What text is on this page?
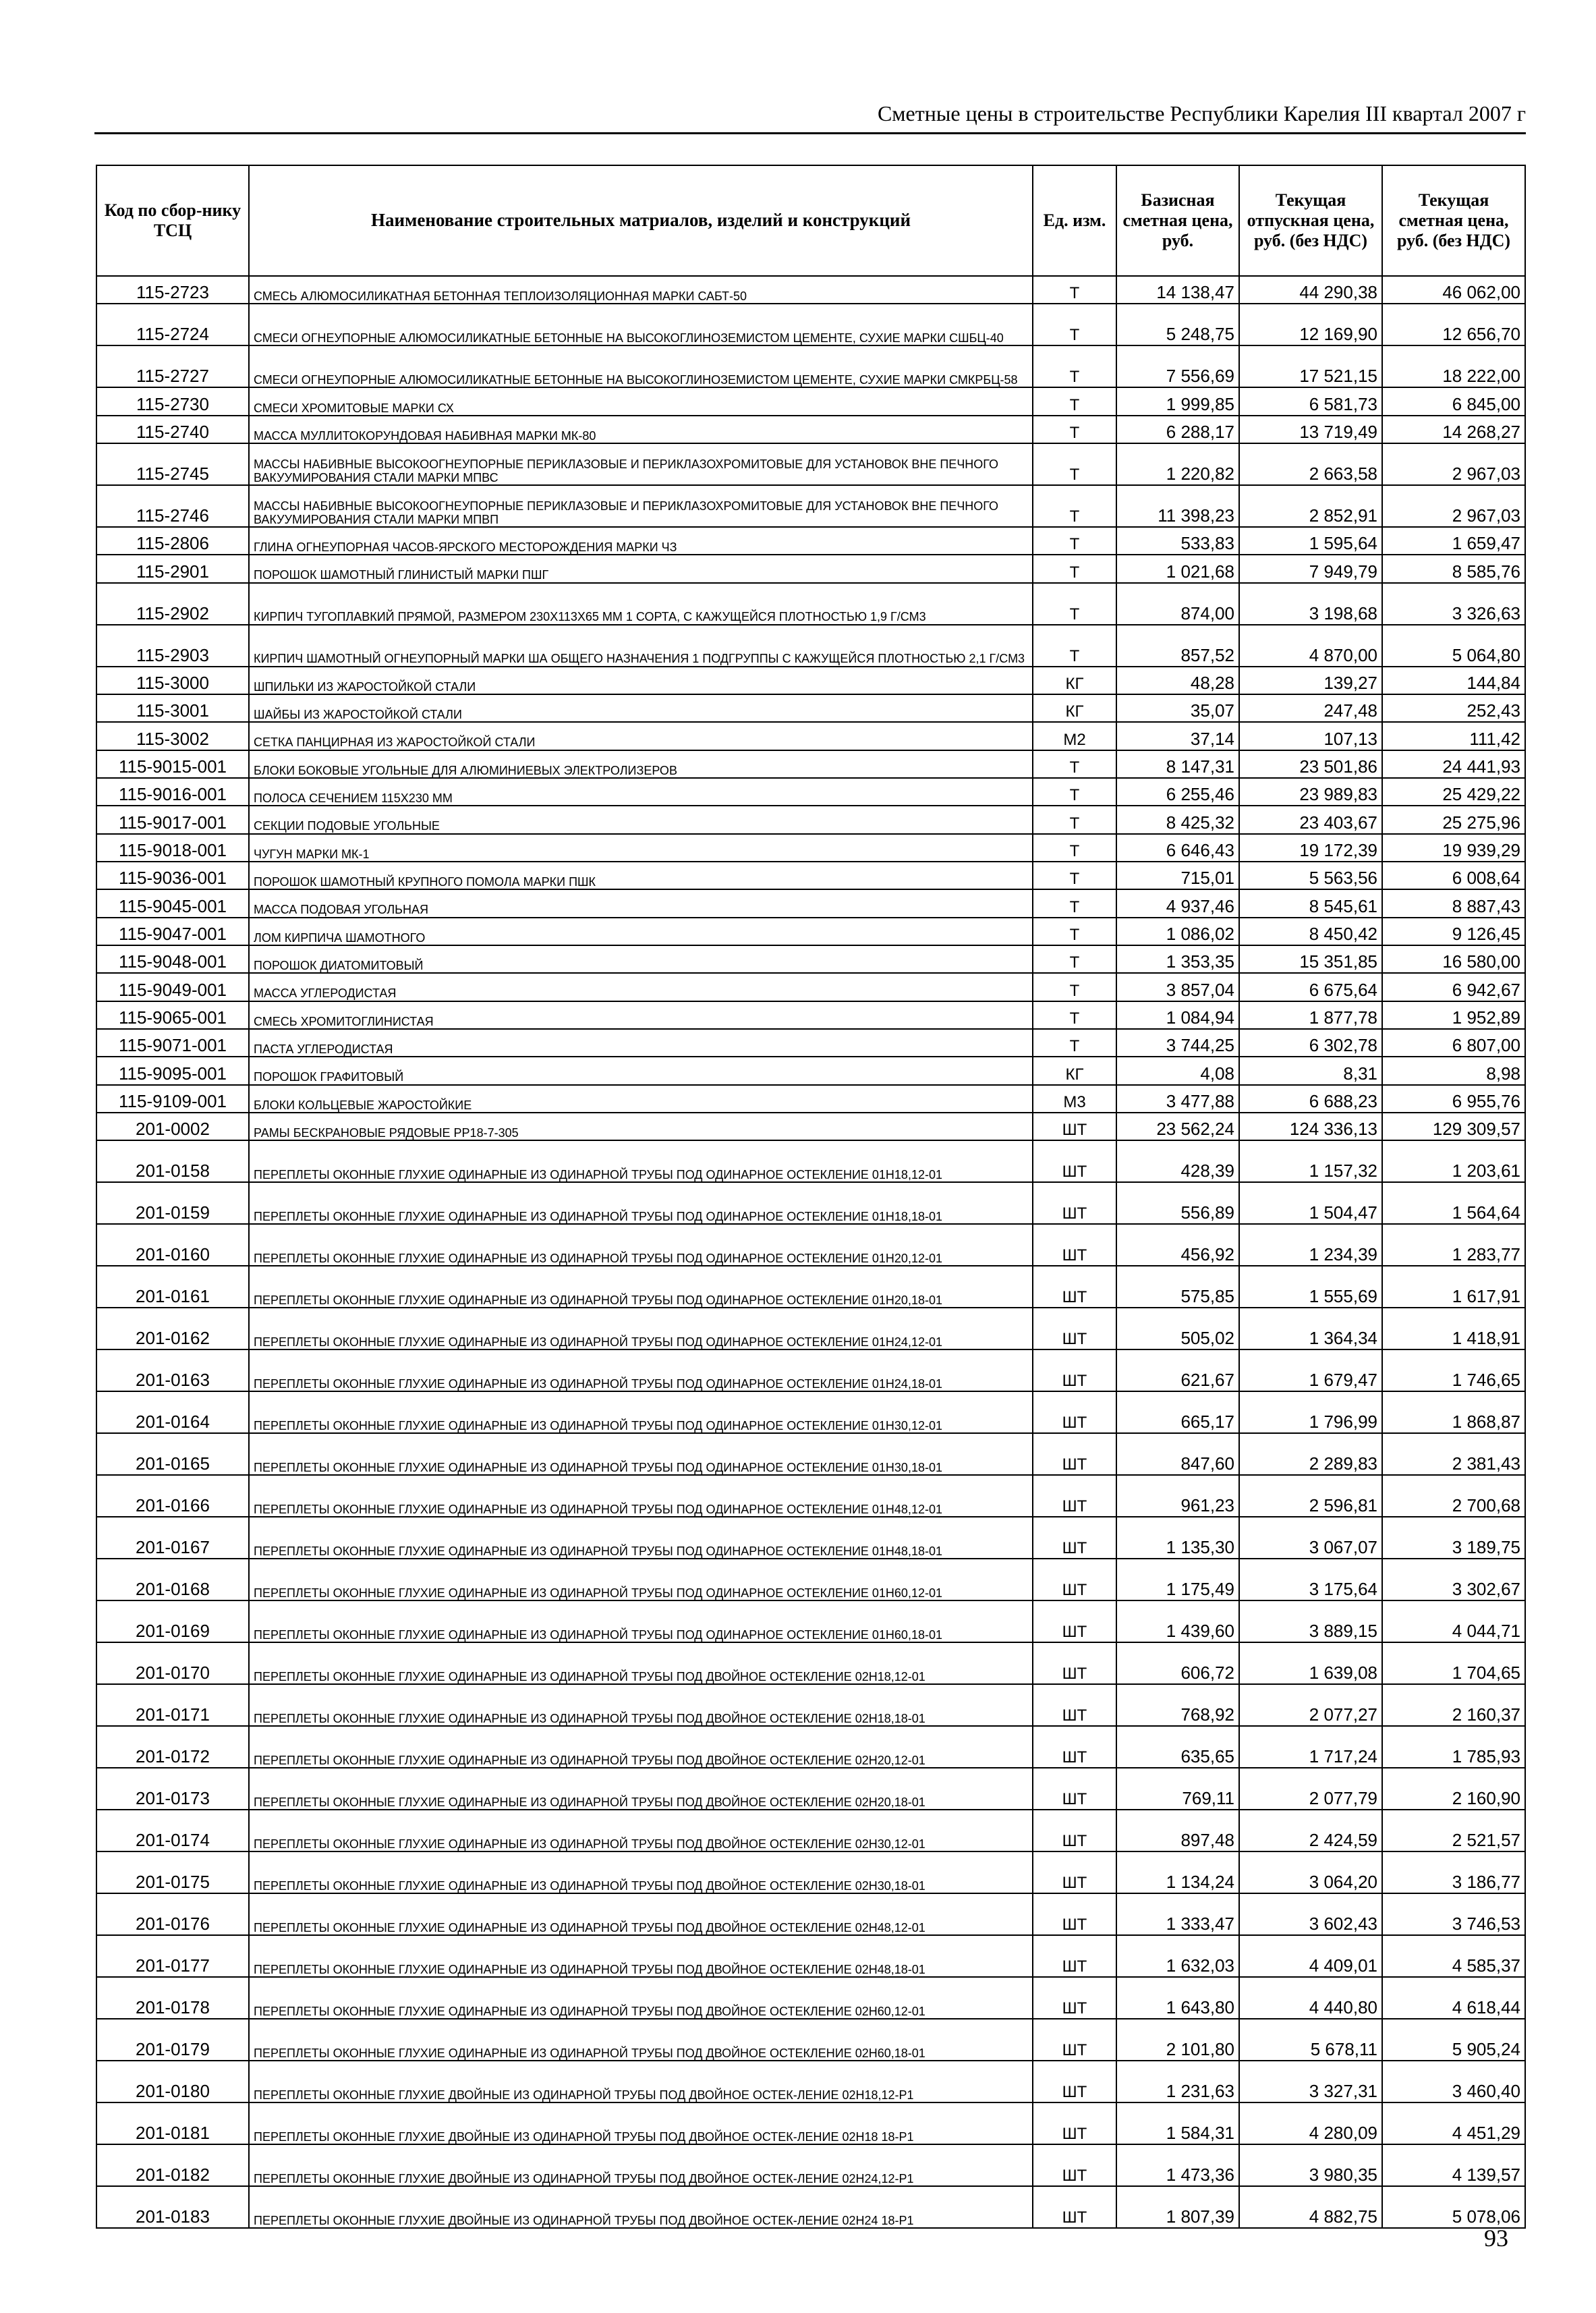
Сметные цены в строительстве Республики Карелия III квартал 2007 г
Код по сбор-нику ТСЦ	Наименование строительных матриалов, изделий и конструкций	Ед. изм.	Базисная сметная цена, руб.	Текущая отпускная цена, руб. (без НДС)	Текущая сметная цена, руб. (без НДС)
115-2723	СМЕСЬ АЛЮМОСИЛИКАТНАЯ БЕТОННАЯ ТЕПЛОИЗОЛЯЦИОННАЯ МАРКИ САБТ-50	Т	14 138,47	44 290,38	46 062,00
115-2724	СМЕСИ ОГНЕУПОРНЫЕ АЛЮМОСИЛИКАТНЫЕ БЕТОННЫЕ НА ВЫСОКОГЛИНОЗЕМИСТОМ ЦЕМЕНТЕ, СУХИЕ МАРКИ СШБЦ-40	Т	5 248,75	12 169,90	12 656,70
115-2727	СМЕСИ ОГНЕУПОРНЫЕ АЛЮМОСИЛИКАТНЫЕ БЕТОННЫЕ НА ВЫСОКОГЛИНОЗЕМИСТОМ ЦЕМЕНТЕ, СУХИЕ МАРКИ СМКРБЦ-58	Т	7 556,69	17 521,15	18 222,00
115-2730	СМЕСИ ХРОМИТОВЫЕ МАРКИ СХ	Т	1 999,85	6 581,73	6 845,00
115-2740	МАССА МУЛЛИТОКОРУНДОВАЯ НАБИВНАЯ МАРКИ МК-80	Т	6 288,17	13 719,49	14 268,27
115-2745	МАССЫ НАБИВНЫЕ ВЫСОКООГНЕУПОРНЫЕ ПЕРИКЛАЗОВЫЕ И ПЕРИКЛАЗОХРОМИТОВЫЕ ДЛЯ УСТАНОВОК ВНЕ ПЕЧНОГО ВАКУУМИРОВАНИЯ СТАЛИ МАРКИ МПВС	Т	1 220,82	2 663,58	2 967,03
115-2746	МАССЫ НАБИВНЫЕ ВЫСОКООГНЕУПОРНЫЕ ПЕРИКЛАЗОВЫЕ И ПЕРИКЛАЗОХРОМИТОВЫЕ ДЛЯ УСТАНОВОК ВНЕ ПЕЧНОГО ВАКУУМИРОВАНИЯ СТАЛИ МАРКИ МПВП	Т	11 398,23	2 852,91	2 967,03
115-2806	ГЛИНА ОГНЕУПОРНАЯ ЧАСОВ-ЯРСКОГО МЕСТОРОЖДЕНИЯ МАРКИ ЧЗ	Т	533,83	1 595,64	1 659,47
115-2901	ПОРОШОК ШАМОТНЫЙ ГЛИНИСТЫЙ МАРКИ ПШГ	Т	1 021,68	7 949,79	8 585,76
115-2902	КИРПИЧ ТУГОПЛАВКИЙ ПРЯМОЙ, РАЗМЕРОМ 230Х113Х65 ММ 1 СОРТА, С КАЖУЩЕЙСЯ ПЛОТНОСТЬЮ 1,9 Г/СМ3	Т	874,00	3 198,68	3 326,63
115-2903	КИРПИЧ ШАМОТНЫЙ ОГНЕУПОРНЫЙ МАРКИ ША ОБЩЕГО НАЗНАЧЕНИЯ 1 ПОДГРУППЫ С КАЖУЩЕЙСЯ ПЛОТНОСТЬЮ 2,1 Г/СМ3	Т	857,52	4 870,00	5 064,80
115-3000	ШПИЛЬКИ ИЗ ЖАРОСТОЙКОЙ СТАЛИ	КГ	48,28	139,27	144,84
115-3001	ШАЙБЫ ИЗ ЖАРОСТОЙКОЙ СТАЛИ	КГ	35,07	247,48	252,43
115-3002	СЕТКА ПАНЦИРНАЯ ИЗ ЖАРОСТОЙКОЙ СТАЛИ	М2	37,14	107,13	111,42
115-9015-001	БЛОКИ БОКОВЫЕ УГОЛЬНЫЕ ДЛЯ АЛЮМИНИЕВЫХ ЭЛЕКТРОЛИЗЕРОВ	Т	8 147,31	23 501,86	24 441,93
115-9016-001	ПОЛОСА СЕЧЕНИЕМ 115Х230 ММ	Т	6 255,46	23 989,83	25 429,22
115-9017-001	СЕКЦИИ ПОДОВЫЕ УГОЛЬНЫЕ	Т	8 425,32	23 403,67	25 275,96
115-9018-001	ЧУГУН МАРКИ МК-1	Т	6 646,43	19 172,39	19 939,29
115-9036-001	ПОРОШОК ШАМОТНЫЙ КРУПНОГО ПОМОЛА МАРКИ ПШК	Т	715,01	5 563,56	6 008,64
115-9045-001	МАССА ПОДОВАЯ УГОЛЬНАЯ	Т	4 937,46	8 545,61	8 887,43
115-9047-001	ЛОМ КИРПИЧА ШАМОТНОГО	Т	1 086,02	8 450,42	9 126,45
115-9048-001	ПОРОШОК ДИАТОМИТОВЫЙ	Т	1 353,35	15 351,85	16 580,00
115-9049-001	МАССА УГЛЕРОДИСТАЯ	Т	3 857,04	6 675,64	6 942,67
115-9065-001	СМЕСЬ ХРОМИТОГЛИНИСТАЯ	Т	1 084,94	1 877,78	1 952,89
115-9071-001	ПАСТА УГЛЕРОДИСТАЯ	Т	3 744,25	6 302,78	6 807,00
115-9095-001	ПОРОШОК ГРАФИТОВЫЙ	КГ	4,08	8,31	8,98
115-9109-001	БЛОКИ КОЛЬЦЕВЫЕ ЖАРОСТОЙКИЕ	М3	3 477,88	6 688,23	6 955,76
201-0002	РАМЫ БЕСКРАНОВЫЕ РЯДОВЫЕ РР18-7-305	ШТ	23 562,24	124 336,13	129 309,57
201-0158	ПЕРЕПЛЕТЫ ОКОННЫЕ ГЛУХИЕ ОДИНАРНЫЕ ИЗ ОДИНАРНОЙ ТРУБЫ ПОД ОДИНАРНОЕ ОСТЕКЛЕНИЕ 01Н18,12-01	ШТ	428,39	1 157,32	1 203,61
201-0159	ПЕРЕПЛЕТЫ ОКОННЫЕ ГЛУХИЕ ОДИНАРНЫЕ ИЗ ОДИНАРНОЙ ТРУБЫ ПОД ОДИНАРНОЕ ОСТЕКЛЕНИЕ 01Н18,18-01	ШТ	556,89	1 504,47	1 564,64
201-0160	ПЕРЕПЛЕТЫ ОКОННЫЕ ГЛУХИЕ ОДИНАРНЫЕ ИЗ ОДИНАРНОЙ ТРУБЫ ПОД ОДИНАРНОЕ ОСТЕКЛЕНИЕ 01Н20,12-01	ШТ	456,92	1 234,39	1 283,77
201-0161	ПЕРЕПЛЕТЫ ОКОННЫЕ ГЛУХИЕ ОДИНАРНЫЕ ИЗ ОДИНАРНОЙ ТРУБЫ ПОД ОДИНАРНОЕ ОСТЕКЛЕНИЕ 01Н20,18-01	ШТ	575,85	1 555,69	1 617,91
201-0162	ПЕРЕПЛЕТЫ ОКОННЫЕ ГЛУХИЕ ОДИНАРНЫЕ ИЗ ОДИНАРНОЙ ТРУБЫ ПОД ОДИНАРНОЕ ОСТЕКЛЕНИЕ 01Н24,12-01	ШТ	505,02	1 364,34	1 418,91
201-0163	ПЕРЕПЛЕТЫ ОКОННЫЕ ГЛУХИЕ ОДИНАРНЫЕ ИЗ ОДИНАРНОЙ ТРУБЫ ПОД ОДИНАРНОЕ ОСТЕКЛЕНИЕ 01Н24,18-01	ШТ	621,67	1 679,47	1 746,65
201-0164	ПЕРЕПЛЕТЫ ОКОННЫЕ ГЛУХИЕ ОДИНАРНЫЕ ИЗ ОДИНАРНОЙ ТРУБЫ ПОД ОДИНАРНОЕ ОСТЕКЛЕНИЕ 01Н30,12-01	ШТ	665,17	1 796,99	1 868,87
201-0165	ПЕРЕПЛЕТЫ ОКОННЫЕ ГЛУХИЕ ОДИНАРНЫЕ ИЗ ОДИНАРНОЙ ТРУБЫ ПОД ОДИНАРНОЕ ОСТЕКЛЕНИЕ 01Н30,18-01	ШТ	847,60	2 289,83	2 381,43
201-0166	ПЕРЕПЛЕТЫ ОКОННЫЕ ГЛУХИЕ ОДИНАРНЫЕ ИЗ ОДИНАРНОЙ ТРУБЫ ПОД ОДИНАРНОЕ ОСТЕКЛЕНИЕ 01Н48,12-01	ШТ	961,23	2 596,81	2 700,68
201-0167	ПЕРЕПЛЕТЫ ОКОННЫЕ ГЛУХИЕ ОДИНАРНЫЕ ИЗ ОДИНАРНОЙ ТРУБЫ ПОД ОДИНАРНОЕ ОСТЕКЛЕНИЕ 01Н48,18-01	ШТ	1 135,30	3 067,07	3 189,75
201-0168	ПЕРЕПЛЕТЫ ОКОННЫЕ ГЛУХИЕ ОДИНАРНЫЕ ИЗ ОДИНАРНОЙ ТРУБЫ ПОД ОДИНАРНОЕ ОСТЕКЛЕНИЕ 01Н60,12-01	ШТ	1 175,49	3 175,64	3 302,67
201-0169	ПЕРЕПЛЕТЫ ОКОННЫЕ ГЛУХИЕ ОДИНАРНЫЕ ИЗ ОДИНАРНОЙ ТРУБЫ ПОД ОДИНАРНОЕ ОСТЕКЛЕНИЕ 01Н60,18-01	ШТ	1 439,60	3 889,15	4 044,71
201-0170	ПЕРЕПЛЕТЫ ОКОННЫЕ ГЛУХИЕ ОДИНАРНЫЕ ИЗ ОДИНАРНОЙ ТРУБЫ ПОД ДВОЙНОЕ ОСТЕКЛЕНИЕ 02Н18,12-01	ШТ	606,72	1 639,08	1 704,65
201-0171	ПЕРЕПЛЕТЫ ОКОННЫЕ ГЛУХИЕ ОДИНАРНЫЕ ИЗ ОДИНАРНОЙ ТРУБЫ ПОД ДВОЙНОЕ ОСТЕКЛЕНИЕ 02Н18,18-01	ШТ	768,92	2 077,27	2 160,37
201-0172	ПЕРЕПЛЕТЫ ОКОННЫЕ ГЛУХИЕ ОДИНАРНЫЕ ИЗ ОДИНАРНОЙ ТРУБЫ ПОД ДВОЙНОЕ ОСТЕКЛЕНИЕ 02Н20,12-01	ШТ	635,65	1 717,24	1 785,93
201-0173	ПЕРЕПЛЕТЫ ОКОННЫЕ ГЛУХИЕ ОДИНАРНЫЕ ИЗ ОДИНАРНОЙ ТРУБЫ ПОД ДВОЙНОЕ ОСТЕКЛЕНИЕ 02Н20,18-01	ШТ	769,11	2 077,79	2 160,90
201-0174	ПЕРЕПЛЕТЫ ОКОННЫЕ ГЛУХИЕ ОДИНАРНЫЕ ИЗ ОДИНАРНОЙ ТРУБЫ ПОД ДВОЙНОЕ ОСТЕКЛЕНИЕ 02Н30,12-01	ШТ	897,48	2 424,59	2 521,57
201-0175	ПЕРЕПЛЕТЫ ОКОННЫЕ ГЛУХИЕ ОДИНАРНЫЕ ИЗ ОДИНАРНОЙ ТРУБЫ ПОД ДВОЙНОЕ ОСТЕКЛЕНИЕ 02Н30,18-01	ШТ	1 134,24	3 064,20	3 186,77
201-0176	ПЕРЕПЛЕТЫ ОКОННЫЕ ГЛУХИЕ ОДИНАРНЫЕ ИЗ ОДИНАРНОЙ ТРУБЫ ПОД ДВОЙНОЕ ОСТЕКЛЕНИЕ 02Н48,12-01	ШТ	1 333,47	3 602,43	3 746,53
201-0177	ПЕРЕПЛЕТЫ ОКОННЫЕ ГЛУХИЕ ОДИНАРНЫЕ ИЗ ОДИНАРНОЙ ТРУБЫ ПОД ДВОЙНОЕ ОСТЕКЛЕНИЕ 02Н48,18-01	ШТ	1 632,03	4 409,01	4 585,37
201-0178	ПЕРЕПЛЕТЫ ОКОННЫЕ ГЛУХИЕ ОДИНАРНЫЕ ИЗ ОДИНАРНОЙ ТРУБЫ ПОД ДВОЙНОЕ ОСТЕКЛЕНИЕ 02Н60,12-01	ШТ	1 643,80	4 440,80	4 618,44
201-0179	ПЕРЕПЛЕТЫ ОКОННЫЕ ГЛУХИЕ ОДИНАРНЫЕ ИЗ ОДИНАРНОЙ ТРУБЫ ПОД ДВОЙНОЕ ОСТЕКЛЕНИЕ 02Н60,18-01	ШТ	2 101,80	5 678,11	5 905,24
201-0180	ПЕРЕПЛЕТЫ ОКОННЫЕ ГЛУХИЕ ДВОЙНЫЕ ИЗ ОДИНАРНОЙ ТРУБЫ ПОД ДВОЙНОЕ ОСТЕК-ЛЕНИЕ 02Н18,12-Р1	ШТ	1 231,63	3 327,31	3 460,40
201-0181	ПЕРЕПЛЕТЫ ОКОННЫЕ ГЛУХИЕ ДВОЙНЫЕ ИЗ ОДИНАРНОЙ ТРУБЫ ПОД ДВОЙНОЕ ОСТЕК-ЛЕНИЕ 02Н18 18-Р1	ШТ	1 584,31	4 280,09	4 451,29
201-0182	ПЕРЕПЛЕТЫ ОКОННЫЕ ГЛУХИЕ ДВОЙНЫЕ ИЗ ОДИНАРНОЙ ТРУБЫ ПОД ДВОЙНОЕ ОСТЕК-ЛЕНИЕ 02Н24,12-Р1	ШТ	1 473,36	3 980,35	4 139,57
201-0183	ПЕРЕПЛЕТЫ ОКОННЫЕ ГЛУХИЕ ДВОЙНЫЕ ИЗ ОДИНАРНОЙ ТРУБЫ ПОД ДВОЙНОЕ ОСТЕК-ЛЕНИЕ 02Н24 18-Р1	ШТ	1 807,39	4 882,75	5 078,06
93
